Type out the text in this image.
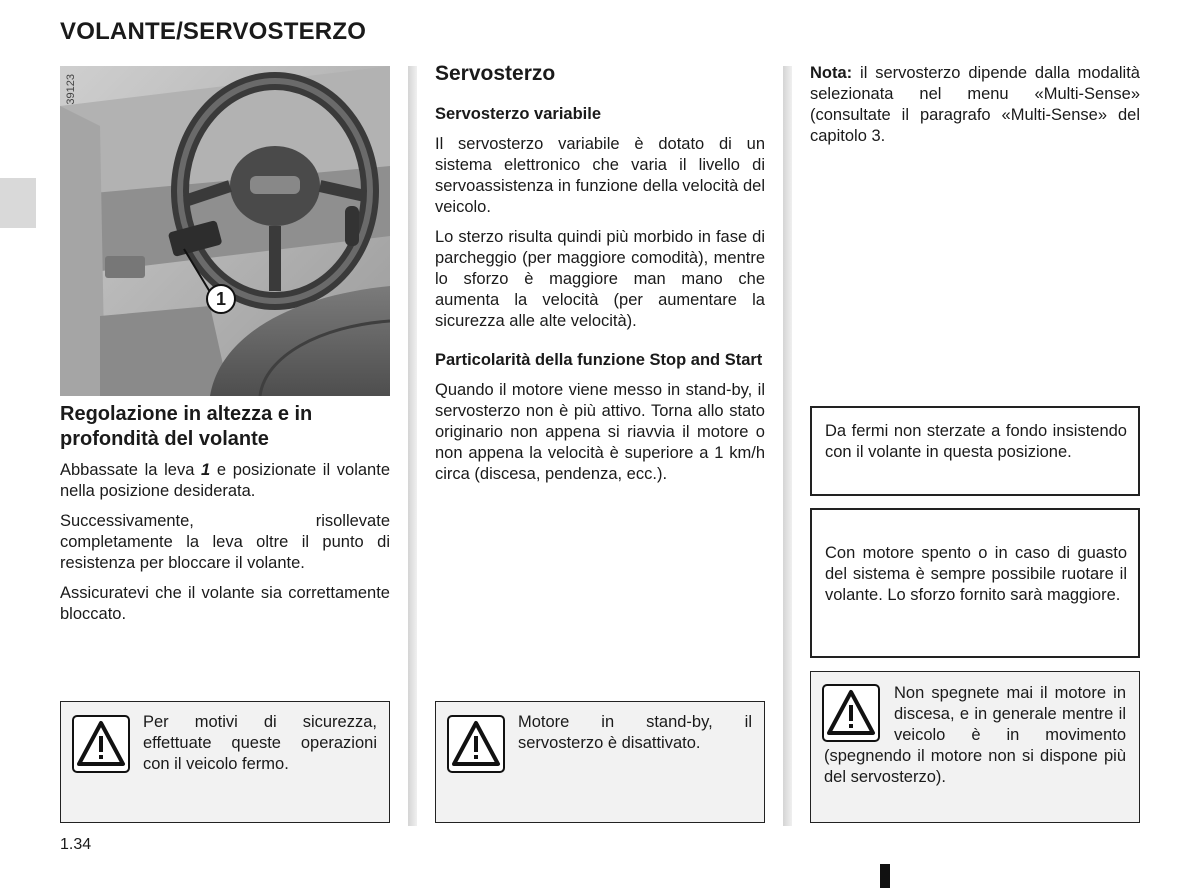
VOLANTE/SERVOSTERZO
39123
1

Regolazione in altezza e in profondità del volante

Abbassate la leva 1 e posizionate il volante nella posizione desiderata.

Successivamente, risollevate completamente la leva oltre il punto di resistenza per bloccare il volante.

Assicuratevi che il volante sia correttamente bloccato.

Per motivi di sicurezza, effettuate queste operazioni con il veicolo fermo.

Servosterzo

Servosterzo variabile

Il servosterzo variabile è dotato di un sistema elettronico che varia il livello di servoassistenza in funzione della velocità del veicolo.

Lo sterzo risulta quindi più morbido in fase di parcheggio (per maggiore comodità), mentre lo sforzo è maggiore man mano che aumenta la velocità (per aumentare la sicurezza alle alte velocità).

Particolarità della funzione Stop and Start

Quando il motore viene messo in stand-by, il servosterzo non è più attivo. Torna allo stato originario non appena si riavvia il motore o non appena la velocità è superiore a 1 km/h circa (discesa, pendenza, ecc.).

Motore in stand-by, il servosterzo è disattivato.

Nota: il servosterzo dipende dalla modalità selezionata nel menu «Multi-Sense» (consultate il paragrafo «Multi-Sense» del capitolo 3.

Da fermi non sterzate a fondo insistendo con il volante in questa posizione.

Con motore spento o in caso di guasto del sistema è sempre possibile ruotare il volante. Lo sforzo fornito sarà maggiore.

Non spegnete mai il motore in discesa, e in generale mentre il veicolo è in movimento (spegnendo il motore non si dispone più del servosterzo).

1.34
